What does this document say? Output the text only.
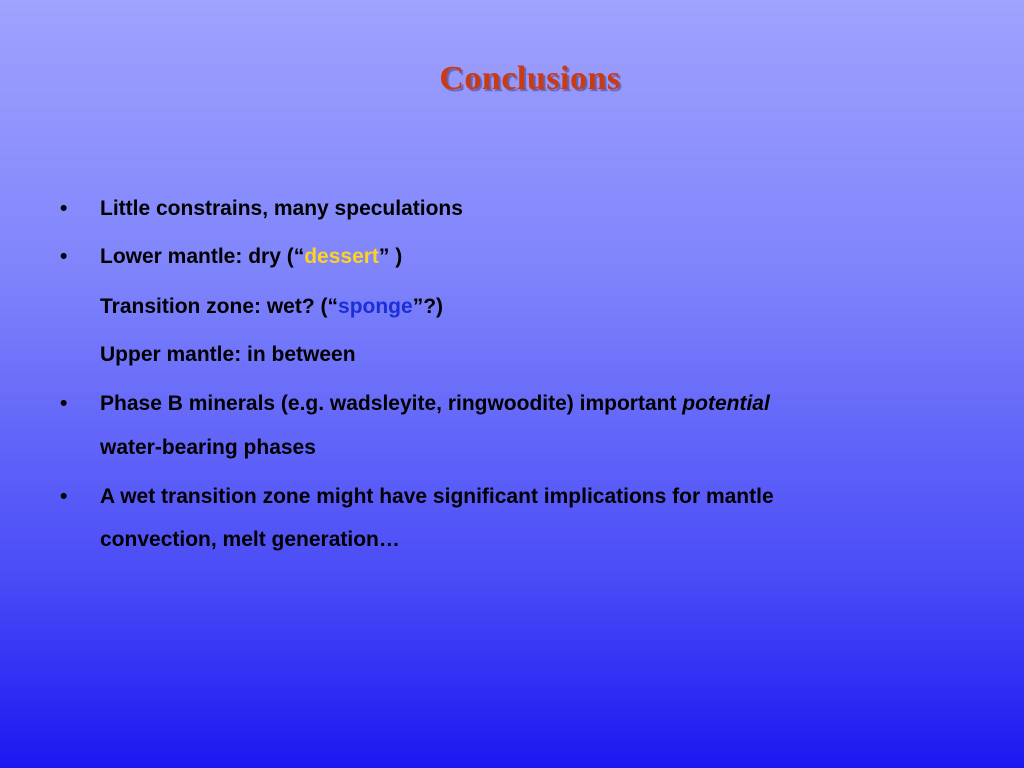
Conclusions
• Little constrains, many speculations
• Lower mantle: dry (“dessert” )
Transition zone: wet? (“sponge”?)
Upper mantle: in between
• Phase B minerals (e.g. wadsleyite, ringwoodite) important potential
water-bearing phases
• A wet transition zone might have significant implications for mantle
convection, melt generation…
